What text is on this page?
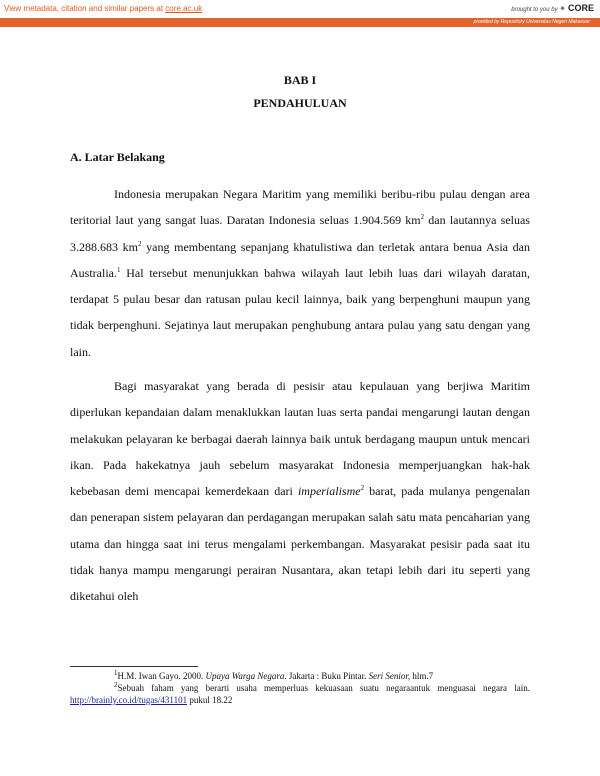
View metadata, citation and similar papers at core.ac.uk	brought to you by ✴ CORE
provided by Repository Universitas Negeri Makassar
BAB I
PENDAHULUAN
A. Latar Belakang

Indonesia merupakan Negara Maritim yang memiliki beribu-ribu pulau dengan area teritorial laut yang sangat luas. Daratan Indonesia seluas 1.904.569 $km^2$ dan lautannya seluas 3.288.683 $km^2$ yang membentang sepanjang khatulistiwa dan terletak antara benua Asia dan Australia.$^1$ Hal tersebut menunjukkan bahwa wilayah laut lebih luas dari wilayah daratan, terdapat 5 pulau besar dan ratusan pulau kecil lainnya, baik yang berpenghuni maupun yang tidak berpenghuni. Sejatinya laut merupakan penghubung antara pulau yang satu dengan yang lain.

Bagi masyarakat yang berada di pesisir atau kepulauan yang berjiwa Maritim diperlukan kepandaian dalam menaklukkan lautan luas serta pandai mengarungi lautan dengan melakukan pelayaran ke berbagai daerah lainnya baik untuk berdagang maupun untuk mencari ikan. Pada hakekatnya jauh sebelum masyarakat Indonesia memperjuangkan hak-hak kebebasan demi mencapai kemerdekaan dari imperialisme$^2$ barat, pada mulanya pengenalan dan penerapan sistem pelayaran dan perdagangan merupakan salah satu mata pencaharian yang utama dan hingga saat ini terus mengalami perkembangan. Masyarakat pesisir pada saat itu tidak hanya mampu mengarungi perairan Nusantara, akan tetapi lebih dari itu seperti yang diketahui oleh

$^1$H.M. Iwan Gayo. 2000. Upaya Warga Negara. Jakarta : Buku Pintar. Seri Senior, hlm.7

$^2$Sebuah faham yang berarti usaha memperluas kekuasaan suatu negaraantuk menguasai negara lain. http://brainly.co.id/tugas/431101 pukul 18.22
